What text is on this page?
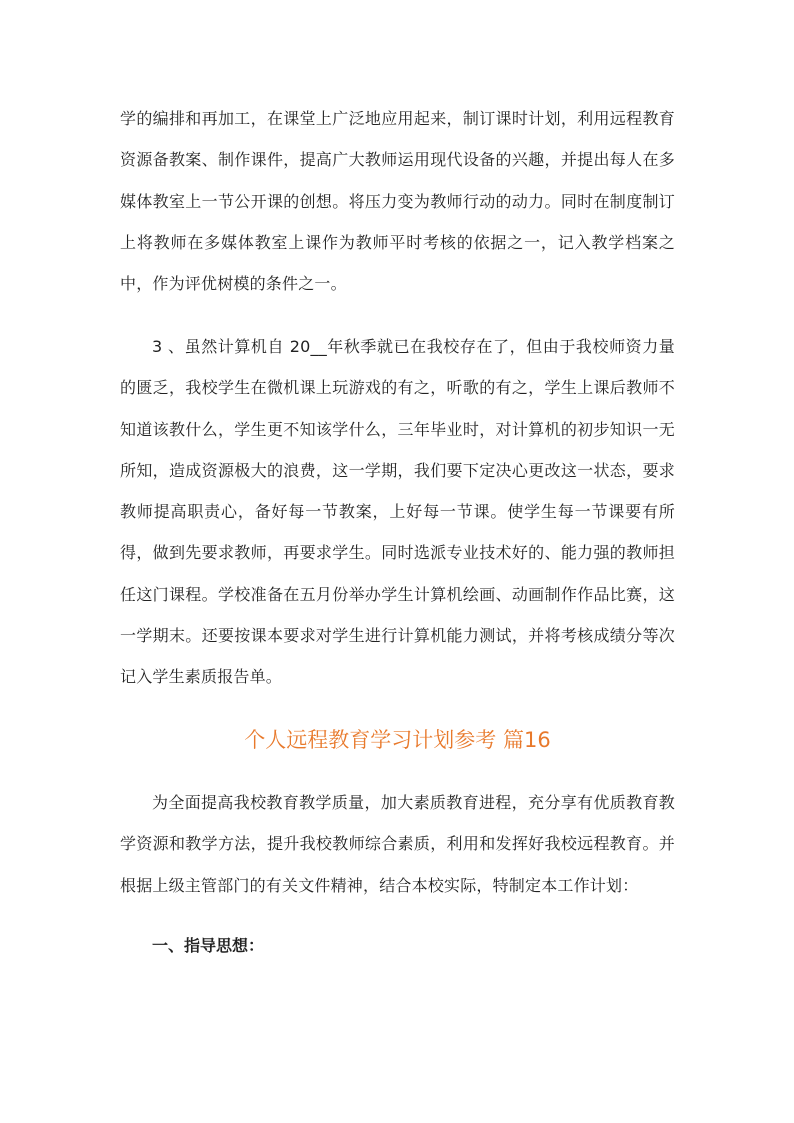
学的编排和再加工，在课堂上广泛地应用起来，制订课时计划，利用远程教育资源备教案、制作课件，提高广大教师运用现代设备的兴趣，并提出每人在多媒体教室上一节公开课的创想。将压力变为教师行动的动力。同时在制度制订上将教师在多媒体教室上课作为教师平时考核的依据之一，记入教学档案之中，作为评优树模的条件之一。

3 、虽然计算机自 20__年秋季就已在我校存在了，但由于我校师资力量的匮乏，我校学生在微机课上玩游戏的有之，听歌的有之，学生上课后教师不知道该教什么，学生更不知该学什么，三年毕业时，对计算机的初步知识一无所知，造成资源极大的浪费，这一学期，我们要下定决心更改这一状态，要求教师提高职责心，备好每一节教案，上好每一节课。使学生每一节课要有所得，做到先要求教师，再要求学生。同时选派专业技术好的、能力强的教师担任这门课程。学校准备在五月份举办学生计算机绘画、动画制作作品比赛，这一学期末。还要按课本要求对学生进行计算机能力测试，并将考核成绩分等次记入学生素质报告单。

个人远程教育学习计划参考 篇16

为全面提高我校教育教学质量，加大素质教育进程，充分享有优质教育教学资源和教学方法，提升我校教师综合素质，利用和发挥好我校远程教育。并根据上级主管部门的有关文件精神，结合本校实际，特制定本工作计划：

一、指导思想：
